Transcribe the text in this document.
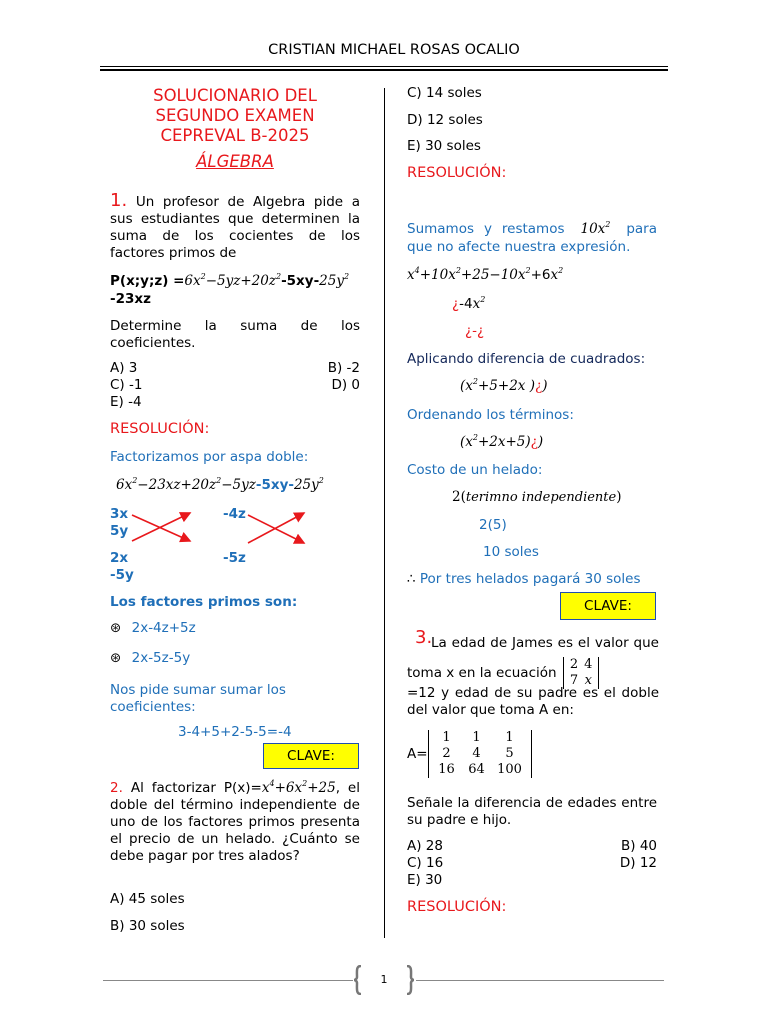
CRISTIAN MICHAEL ROSAS OCALIO
SOLUCIONARIO DEL
SEGUNDO EXAMEN
CEPREVAL B-2025
ÁLGEBRA
1. Un profesor de Algebra pide a sus estudiantes que determinen la suma de los cocientes de los factores primos de
P(x;y;z) $=6x^2-5yz+20z^2-5xy-25y^2$
-23xz
Determine la suma de los coeficientes.
A) 3	B) -2
C) -1	D) 0
E) -4
RESOLUCIÓN:
Factorizamos por aspa doble:
$6x^2-23xz+20z^2-5yz-5xy-25y^2$
3x
5y
2x
-5y
-4z
-5z
Los factores primos son:
⊛ 2x-4z+5z
⊛ 2x-5z-5y
Nos pide sumar sumar los coeficientes:
3-4+5+2-5-5=-4
CLAVE:
2. Al factorizar $P(x)=x^4+6x^2+25$, el doble del término independiente de uno de los factores primos presenta el precio de un helado. ¿Cuánto se debe pagar por tres alados?
A) 45 soles
B) 30 soles
C) 14 soles
D) 12 soles
E) 30 soles
RESOLUCIÓN:
Sumamos y restamos $10x^2$ para que no afecte nuestra expresión.
$x^4+10x^2+25-10x^2+6x^2$
¿$-4x^2$
¿-¿
Aplicando diferencia de cuadrados:
($x^2+5+2x$ )¿)
Ordenando los términos:
$(x^2+2x+5)¿$)
Costo de un helado:
2(terimno independiente)
2(5)
10 soles
∴ Por tres helados pagará 30 soles
CLAVE:
3.
La edad de James es el valor que toma x en la ecuación
2	4
7	x
=12 y edad de su padre es el doble del valor que toma A en:
A=
1	1	1
2	4	5
16	64	100
Señale la diferencia de edades entre su padre e hijo.
A) 28	B) 40
C) 16	D) 12
E) 30
RESOLUCIÓN:
1
